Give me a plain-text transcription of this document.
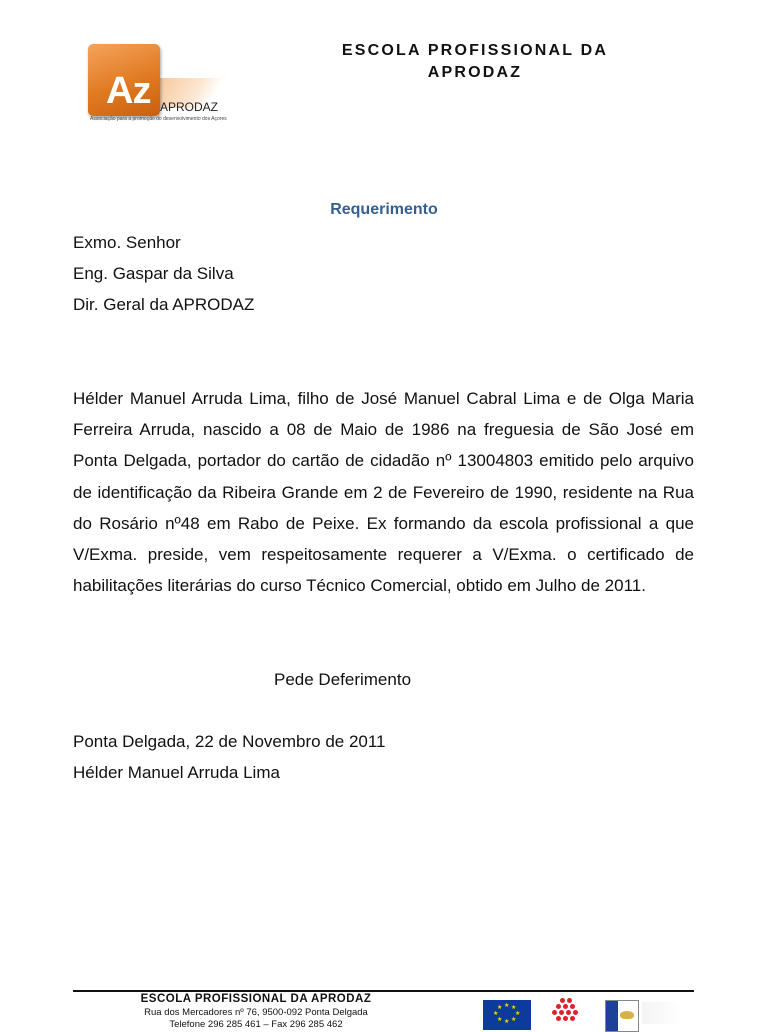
Az APRODAZ
Associação para a promoção do desenvolvimento dos Açores
ESCOLA PROFISSIONAL DA
APRODAZ
Requerimento
Exmo. Senhor
Eng. Gaspar da Silva
Dir. Geral da APRODAZ
Hélder Manuel Arruda Lima, filho de José Manuel Cabral Lima e de Olga Maria Ferreira Arruda, nascido a 08 de Maio de 1986 na freguesia de São José em Ponta Delgada, portador do cartão de cidadão nº 13004803 emitido pelo arquivo de identificação da Ribeira Grande em 2 de Fevereiro de 1990, residente na Rua do Rosário nº48 em Rabo de Peixe. Ex formando da escola profissional a que V/Exma. preside, vem respeitosamente requerer a V/Exma. o certificado de habilitações literárias do curso Técnico Comercial, obtido em Julho de 2011.
Pede Deferimento
Ponta Delgada, 22 de Novembro de 2011
Hélder Manuel Arruda Lima
ESCOLA PROFISSIONAL DA APRODAZ
Rua dos Mercadores nº 76, 9500-092 Ponta Delgada
Telefone 296 285 461 – Fax 296 285 462
★ ★
★
★
★
★
★
★
